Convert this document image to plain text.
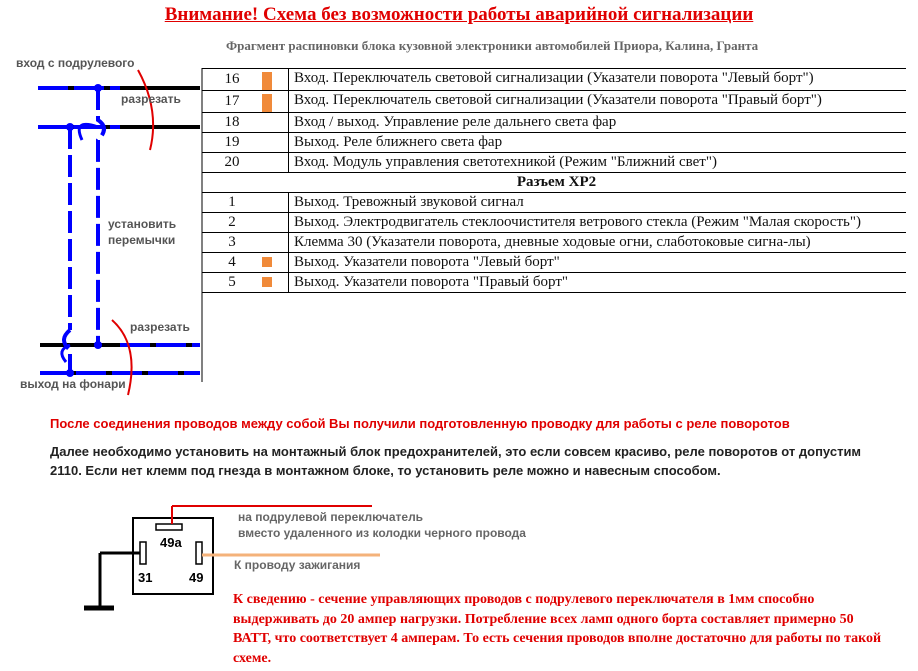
Внимание! Схема без возможности работы аварийной сигнализации
Фрагмент распиновки блока кузовной электроники автомобилей Приора, Калина, Гранта
вход с подрулевого
разрезать
установить
перемычки
разрезать
выход на фонари
16	Вход. Переключатель световой сигнализации (Указатели поворота "Левый борт")
17	Вход. Переключатель световой сигнализации (Указатели поворота "Правый борт")
18	Вход / выход. Управление реле дальнего света фар
19	Выход. Реле ближнего света фар
20	Вход. Модуль управления светотехникой (Режим "Ближний свет")
Разъем ХР2	
1	Выход. Тревожный звуковой сигнал
2	Выход. Электродвигатель стеклоочистителя ветрового стекла (Режим "Малая скорость")
3	Клемма 30 (Указатели поворота, дневные ходовые огни, слаботоковые сигна-лы)
4	Выход. Указатели поворота "Левый борт"
5	Выход. Указатели поворота "Правый борт"
После соединения проводов между собой Вы получили подготовленную проводку для работы с реле поворотов
Далее необходимо установить на монтажный блок предохранителей, это если совсем красиво, реле поворотов от допустим 2110. Если нет клемм под гнезда в монтажном блоке, то установить реле можно и навесным способом.
49a
31	49
на подрулевой переключатель
вместо удаленного из колодки черного провода
К проводу зажигания
К сведению - сечение управляющих проводов с подрулевого переключателя в 1мм способно выдерживать до 20 ампер нагрузки. Потребление всех ламп одного борта составляет примерно 50 ВАТТ, что соответствует 4 амперам. То есть сечения проводов вполне достаточно для работы по такой схеме.
